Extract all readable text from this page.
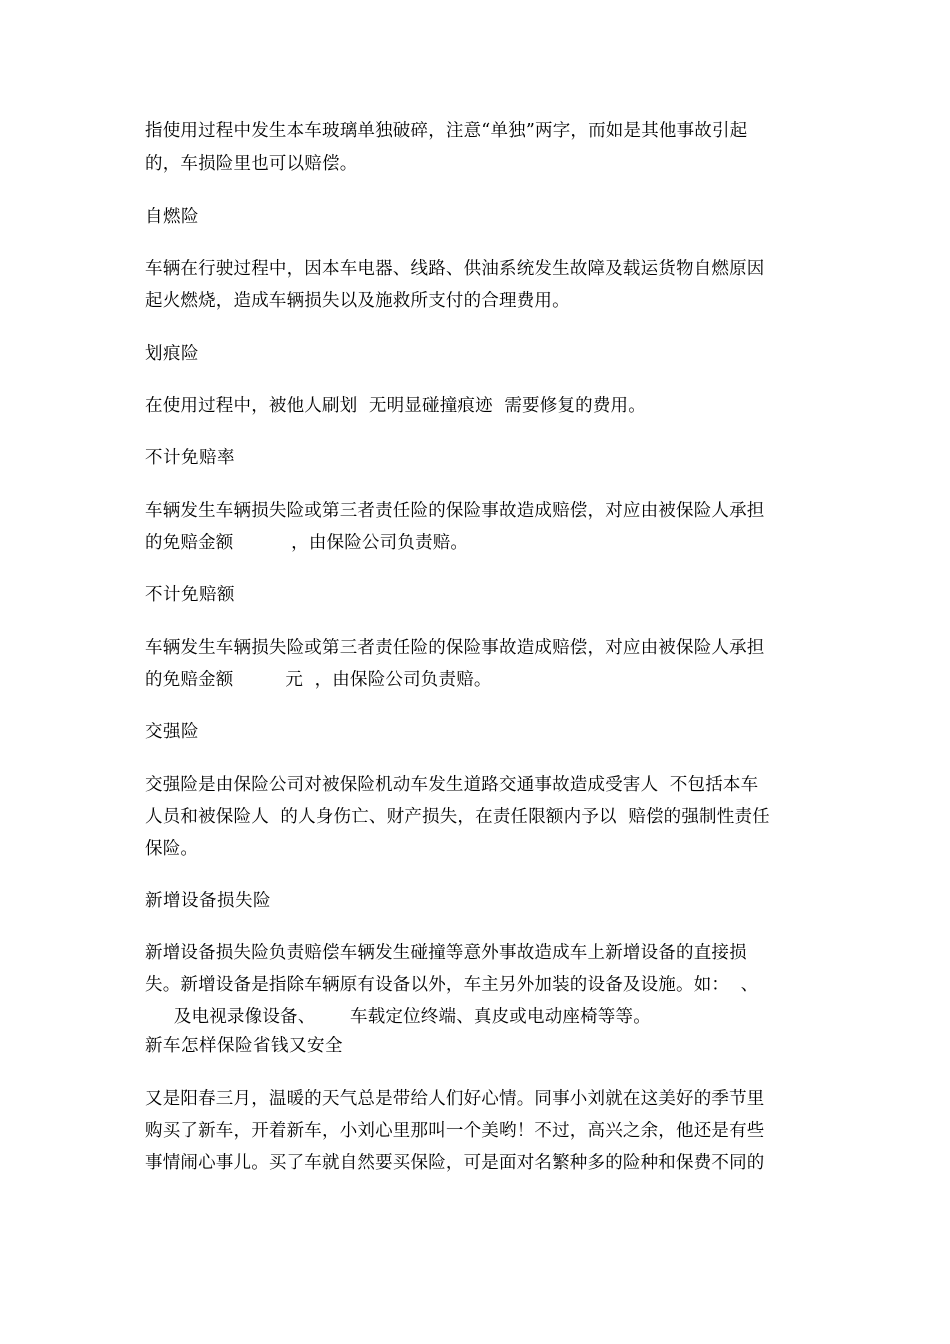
指使用过程中发生本车玻璃单独破碎，注意“单独”两字，而如是其他事故引起
的，车损险里也可以赔偿。
自燃险
车辆在行驶过程中，因本车电器、线路、供油系统发生故障及载运货物自燃原因
起火燃烧，造成车辆损失以及施救所支付的合理费用。
划痕险
在使用过程中，被他人刷划  无明显碰撞痕迹  需要修复的费用。
不计免赔率
车辆发生车辆损失险或第三者责任险的保险事故造成赔偿，对应由被保险人承担
的免赔金额          ，由保险公司负责赔。
不计免赔额
车辆发生车辆损失险或第三者责任险的保险事故造成赔偿，对应由被保险人承担
的免赔金额         元  ，由保险公司负责赔。
交强险
交强险是由保险公司对被保险机动车发生道路交通事故造成受害人  不包括本车
人员和被保险人  的人身伤亡、财产损失，在责任限额内予以  赔偿的强制性责任
保险。
新增设备损失险
新增设备损失险负责赔偿车辆发生碰撞等意外事故造成车上新增设备的直接损
失。新增设备是指除车辆原有设备以外，车主另外加装的设备及设施。如：  、
及电视录像设备、      车载定位终端、真皮或电动座椅等等。
新车怎样保险省钱又安全
又是阳春三月，温暖的天气总是带给人们好心情。同事小刘就在这美好的季节里
购买了新车，开着新车，小刘心里那叫一个美哟！不过，高兴之余，他还是有些
事情闹心事儿。买了车就自然要买保险，可是面对名繁种多的险种和保费不同的
